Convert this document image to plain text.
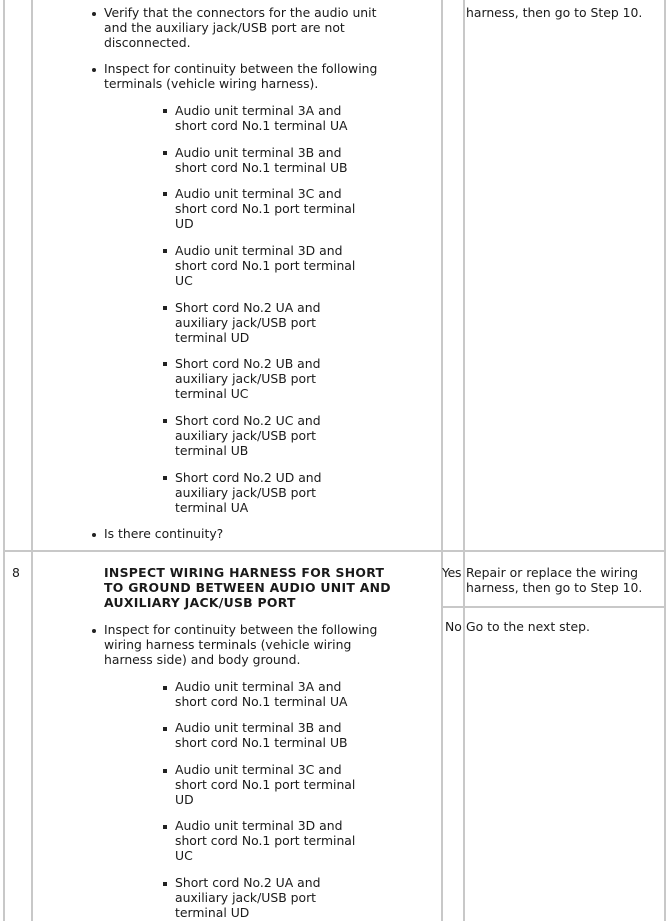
Verify that the connectors for the audio unit
and the auxiliary jack/USB port are not
disconnected.
Inspect for continuity between the following
terminals (vehicle wiring harness).
Audio unit terminal 3A and
short cord No.1 terminal UA
Audio unit terminal 3B and
short cord No.1 terminal UB
Audio unit terminal 3C and
short cord No.1 port terminal
UD
Audio unit terminal 3D and
short cord No.1 port terminal
UC
Short cord No.2 UA and
auxiliary jack/USB port
terminal UD
Short cord No.2 UB and
auxiliary jack/USB port
terminal UC
Short cord No.2 UC and
auxiliary jack/USB port
terminal UB
Short cord No.2 UD and
auxiliary jack/USB port
terminal UA
Is there continuity?
harness, then go to Step 10.
8	INSPECT WIRING HARNESS FOR SHORT
TO GROUND BETWEEN AUDIO UNIT AND
AUXILIARY JACK/USB PORT
Inspect for continuity between the following
wiring harness terminals (vehicle wiring
harness side) and body ground.
Audio unit terminal 3A and
short cord No.1 terminal UA
Audio unit terminal 3B and
short cord No.1 terminal UB
Audio unit terminal 3C and
short cord No.1 port terminal
UD
Audio unit terminal 3D and
short cord No.1 port terminal
UC
Short cord No.2 UA and
auxiliary jack/USB port
terminal UD
Yes Repair or replace the wiring
harness, then go to Step 10.
No Go to the next step.
